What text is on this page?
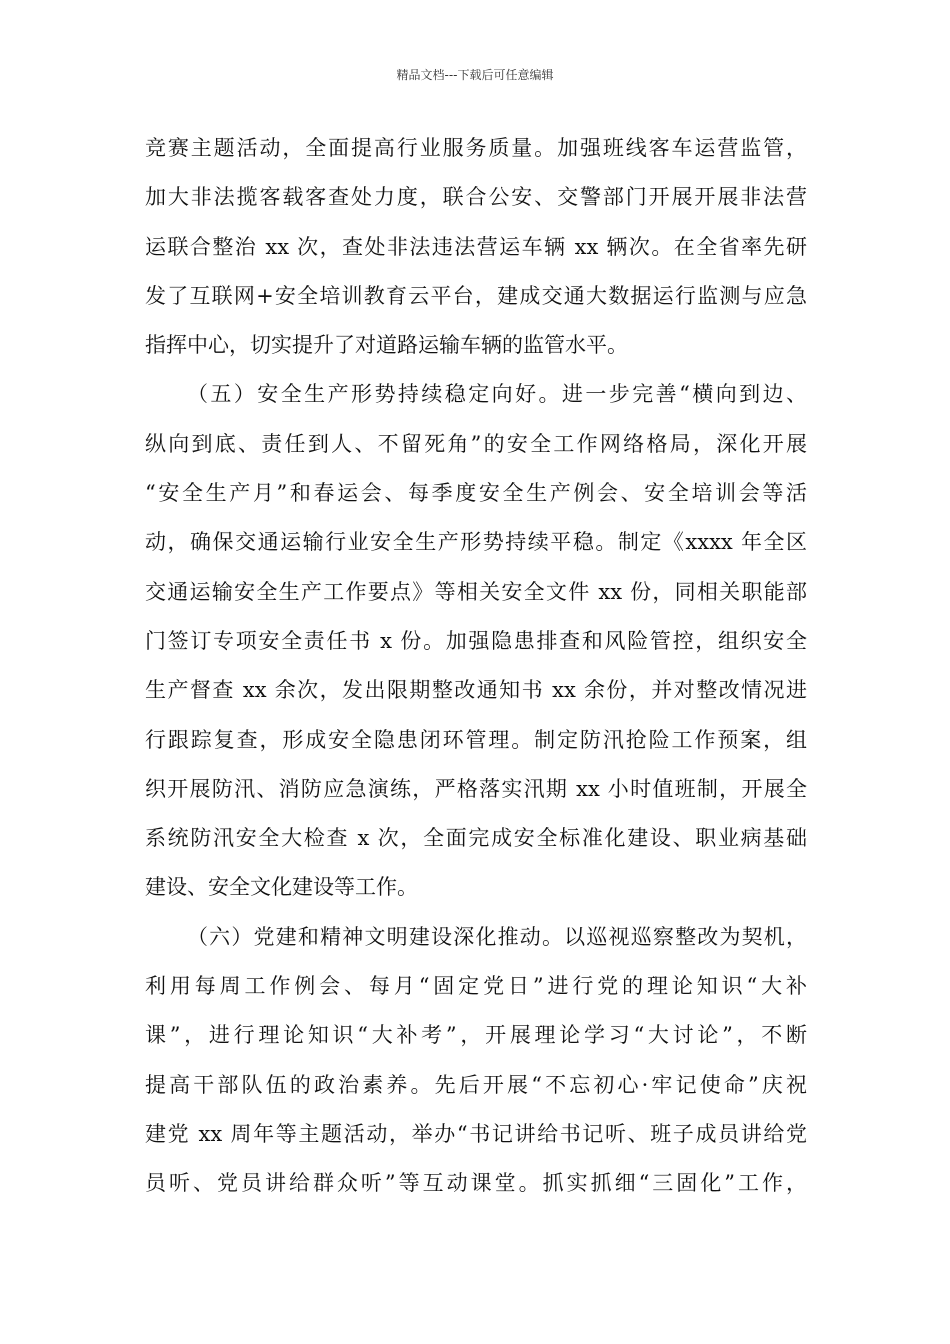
精品文档---下载后可任意编辑
竞赛主题活动，全面提高行业服务质量。加强班线客车运营监管，
加大非法揽客载客查处力度，联合公安、交警部门开展开展非法营
运联合整治 xx 次，查处非法违法营运车辆 xx 辆次。在全省率先研
发了互联网+安全培训教育云平台，建成交通大数据运行监测与应急
指挥中心，切实提升了对道路运输车辆的监管水平。
（五）安全生产形势持续稳定向好。进一步完善“横向到边、
纵向到底、责任到人、不留死角”的安全工作网络格局，深化开展
“安全生产月”和春运会、每季度安全生产例会、安全培训会等活
动，确保交通运输行业安全生产形势持续平稳。制定《xxxx 年全区
交通运输安全生产工作要点》等相关安全文件 xx 份，同相关职能部
门签订专项安全责任书 x 份。加强隐患排查和风险管控，组织安全
生产督查 xx 余次，发出限期整改通知书 xx 余份，并对整改情况进
行跟踪复查，形成安全隐患闭环管理。制定防汛抢险工作预案，组
织开展防汛、消防应急演练，严格落实汛期 xx 小时值班制，开展全
系统防汛安全大检查 x 次，全面完成安全标准化建设、职业病基础
建设、安全文化建设等工作。
（六）党建和精神文明建设深化推动。以巡视巡察整改为契机，
利用每周工作例会、每月“固定党日”进行党的理论知识“大补
课”，进行理论知识“大补考”，开展理论学习“大讨论”，不断
提高干部队伍的政治素养。先后开展“不忘初心·牢记使命”庆祝
建党 xx 周年等主题活动，举办“书记讲给书记听、班子成员讲给党
员听、党员讲给群众听”等互动课堂。抓实抓细“三固化”工作，
